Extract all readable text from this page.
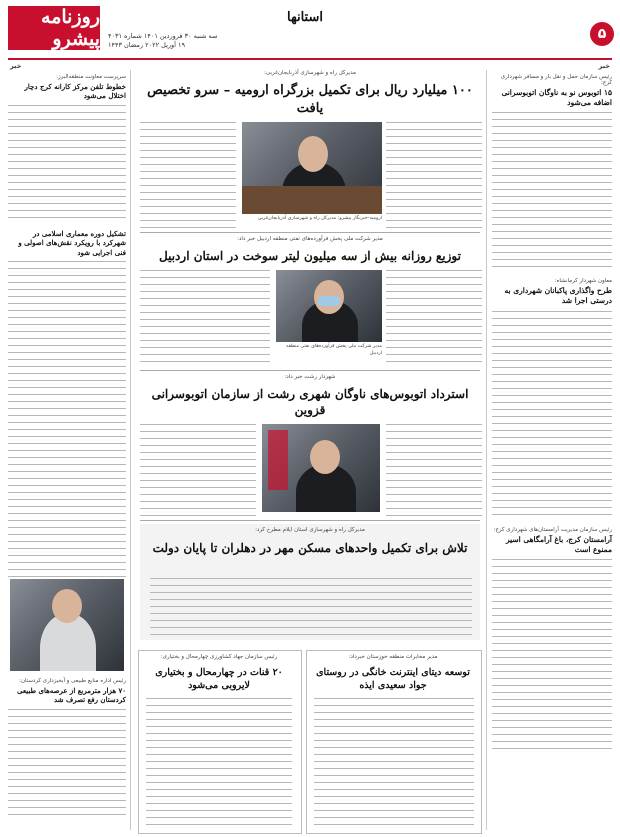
روزنامه پیشرو سه شنبه ۳۰ فروردین ۱۴۰۱ شماره ۴۰۳۱
۱۹ آوریل ۲۰۲۲ رمضان ۱۴۴۳
استانها
۵
خبر
خبر
رئیس سازمان حمل و نقل بار و مسافر شهرداری کرج:
۱۵ اتوبوس نو به ناوگان اتوبوسرانی اضافه می‌شود
معاون شهردار کرمانشاه:
طرح واگذاری پاکبانان شهرداری به درستی اجرا شد
رئیس سازمان مدیریت آرامستان‌های شهرداری کرج:
آرامستان کرج، باغ آرامگاهی اسیر ممنوع است
سرپرست معاونت منطقه‌البرز:
خطوط تلفن مرکز کارانه کرج دچار اختلال می‌شود
تشکیل دوره معماری اسلامی در شهرکرد با رویکرد نقش‌های اصولی و فنی اجرایی شود
رئیس اداره منابع طبیعی و آبخیزداری کردستان:
۷۰ هزار مترمربع از عرصه‌های طبیعی کردستان رفع تصرف شد
مدیرکل راه و شهرسازی آذربایجان‌غربی:
۱۰۰ میلیارد ریال برای تکمیل بزرگراه ارومیه – سرو تخصیص یافت
ارومیه-خبرنگار پیشرو: مدیرکل راه و شهرسازی آذربایجان‌غربی
مدیر شرکت ملی پخش فرآورده‌های نفتی منطقه اردبیل خبر داد:
توزیع روزانه بیش از سه میلیون لیتر سوخت در استان اردبیل
مدیر شرکت ملی پخش فرآورده‌های نفتی منطقه اردبیل
شهردار رشت خبر داد:
استرداد اتوبوس‌های ناوگان شهری رشت از سازمان اتوبوسرانی قزوین
مدیرکل راه و شهرسازی استان ایلام مطرح کرد:
تلاش برای تکمیل واحدهای مسکن مهر در دهلران تا پایان دولت
مدیر مخابرات منطقه خوزستان خبرداد:
توسعه دیتای اینترنت خانگی در روستای جواد سعیدی ایذه
رئیس سازمان جهاد کشاورزی چهارمحال و بختیاری:
۲۰ قنات در چهارمحال و بختیاری لایروبی می‌شود
